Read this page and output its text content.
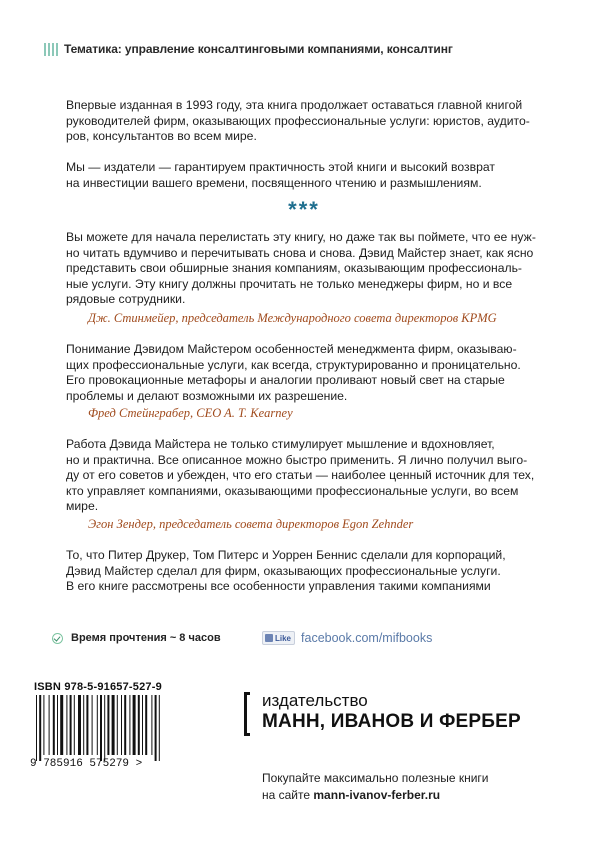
Тематика: управление консалтинговыми компаниями, консалтинг

Впервые изданная в 1993 году, эта книга продолжает оставаться главной книгой
руководителей фирм, оказывающих профессиональные услуги: юристов, аудито-
ров, консультантов во всем мире.

Мы — издатели — гарантируем практичность этой книги и высокий возврат
на инвестиции вашего времени, посвященного чтению и размышлениям.

***

Вы можете для начала перелистать эту книгу, но даже так вы поймете, что ее нуж-
но читать вдумчиво и перечитывать снова и снова. Дэвид Майстер знает, как ясно
представить свои обширные знания компаниям, оказывающим профессиональ-
ные услуги. Эту книгу должны прочитать не только менеджеры фирм, но и все
рядовые сотрудники.

Дж. Стинмейер, председатель Международного совета директоров KPMG

Понимание Дэвидом Майстером особенностей менеджмента фирм, оказываю-
щих профессиональные услуги, как всегда, структурированно и проницательно.
Его провокационные метафоры и аналогии проливают новый свет на старые
проблемы и делают возможными их разрешение.

Фред Стейнграбер, CEO A. T. Kearney

Работа Дэвида Майстера не только стимулирует мышление и вдохновляет,
но и практична. Все описанное можно быстро применить. Я лично получил выго-
ду от его советов и убежден, что его статьи — наиболее ценный источник для тех,
кто управляет компаниями, оказывающими профессиональные услуги, во всем
мире.

Эгон Зендер, председатель совета директоров Egon Zehnder

То, что Питер Друкер, Том Питерс и Уоррен Беннис сделали для корпораций,
Дэвид Майстер сделал для фирм, оказывающих профессиональные услуги.
В его книге рассмотрены все особенности управления такими компаниями

Время прочтения ~ 8 часов	Like facebook.com/mifbooks
ISBN 978-5-91657-527-9
9 785916 575279 >
издательство
МАНН, ИВАНОВ И ФЕРБЕР
Покупайте максимально полезные книги
на сайте mann-ivanov-ferber.ru
